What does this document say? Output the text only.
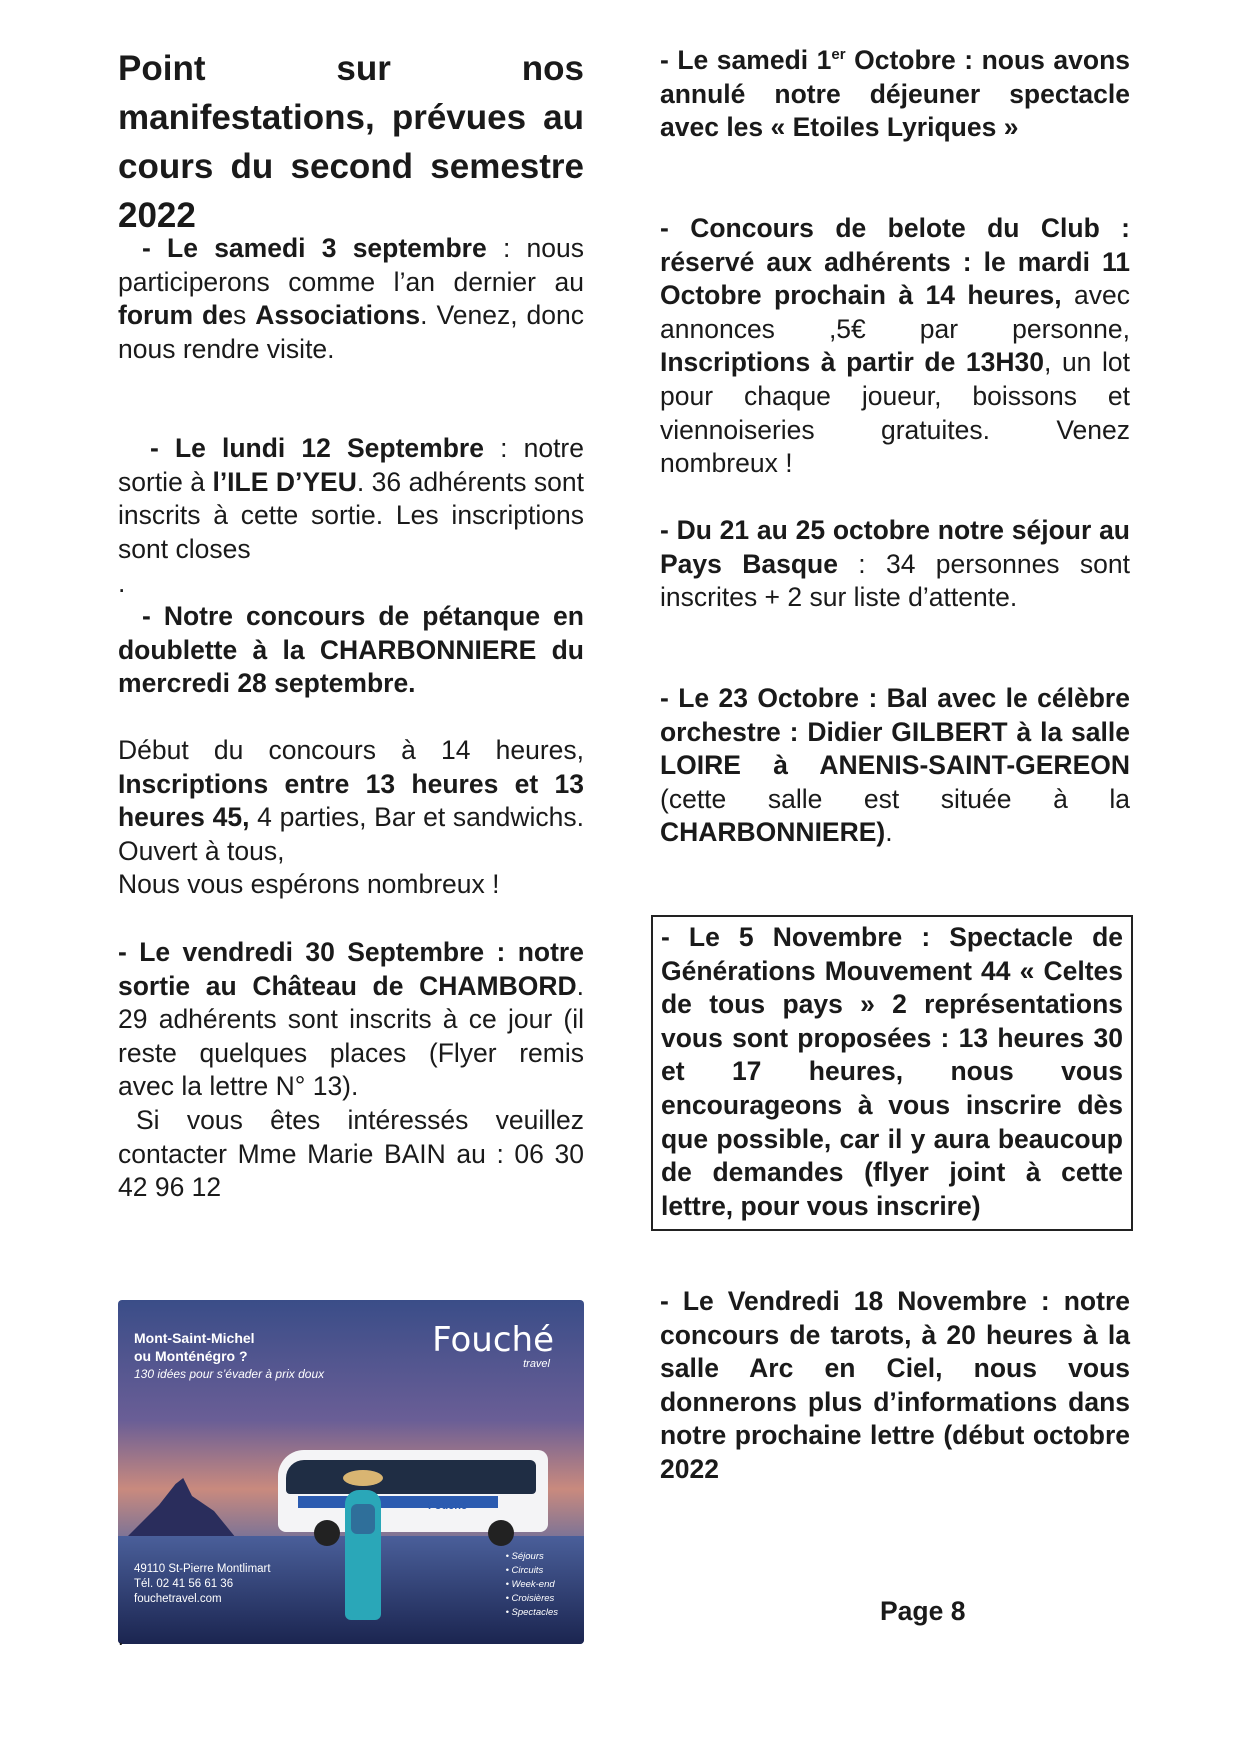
Point sur nos manifestations, prévues au cours du second semestre 2022

- Le samedi 3 septembre : nous participerons comme l’an dernier au forum des Associations. Venez, donc nous rendre visite.

- Le lundi 12 Septembre : notre sortie à l’ILE D’YEU. 36 adhérents sont inscrits à cette sortie. Les inscriptions sont closes

.

- Notre concours de pétanque en doublette à la CHARBONNIERE du mercredi 28 septembre.

Début du concours à 14 heures, Inscriptions entre 13 heures et 13 heures 45, 4 parties, Bar et sandwichs. Ouvert à tous,
Nous vous espérons nombreux !

- Le vendredi 30 Septembre : notre sortie au Château de CHAMBORD. 29 adhérents sont inscrits à ce jour (il reste quelques places (Flyer remis avec la lettre N° 13).
Si vous êtes intéressés veuillez contacter Mme Marie BAIN au : 06 30 42 96 12

Mont-Saint-Michel
ou Monténégro ?
130 idées pour s’évader à prix doux
Fouché
travel
Fouché
49110 St-Pierre Montlimart
Tél. 02 41 56 61 36
fouchetravel.com
• Séjours
• Circuits
• Week-end
• Croisières
• Spectacles

- Le samedi 1er Octobre : nous avons annulé notre déjeuner spectacle avec les « Etoiles Lyriques »

- Concours de belote du Club : réservé aux adhérents : le mardi 11 Octobre prochain à 14 heures, avec annonces ,5€ par personne, Inscriptions à partir de 13H30, un lot pour chaque joueur, boissons et viennoiseries gratuites. Venez nombreux !

- Du 21 au 25 octobre notre séjour au Pays Basque : 34 personnes sont inscrites + 2 sur liste d’attente.

- Le 23 Octobre : Bal avec le célèbre orchestre : Didier GILBERT à la salle LOIRE à ANENIS-SAINT-GEREON (cette salle est située à la CHARBONNIERE).

- Le 5 Novembre : Spectacle de Générations Mouvement 44 « Celtes de tous pays » 2 représentations vous sont proposées : 13 heures 30 et 17 heures, nous vous encourageons à vous inscrire dès que possible, car il y aura beaucoup de demandes (flyer joint à cette lettre, pour vous inscrire)

- Le Vendredi 18 Novembre : notre concours de tarots, à 20 heures à la salle Arc en Ciel, nous vous donnerons plus d’informations dans notre prochaine lettre (début octobre 2022

Page 8
.
